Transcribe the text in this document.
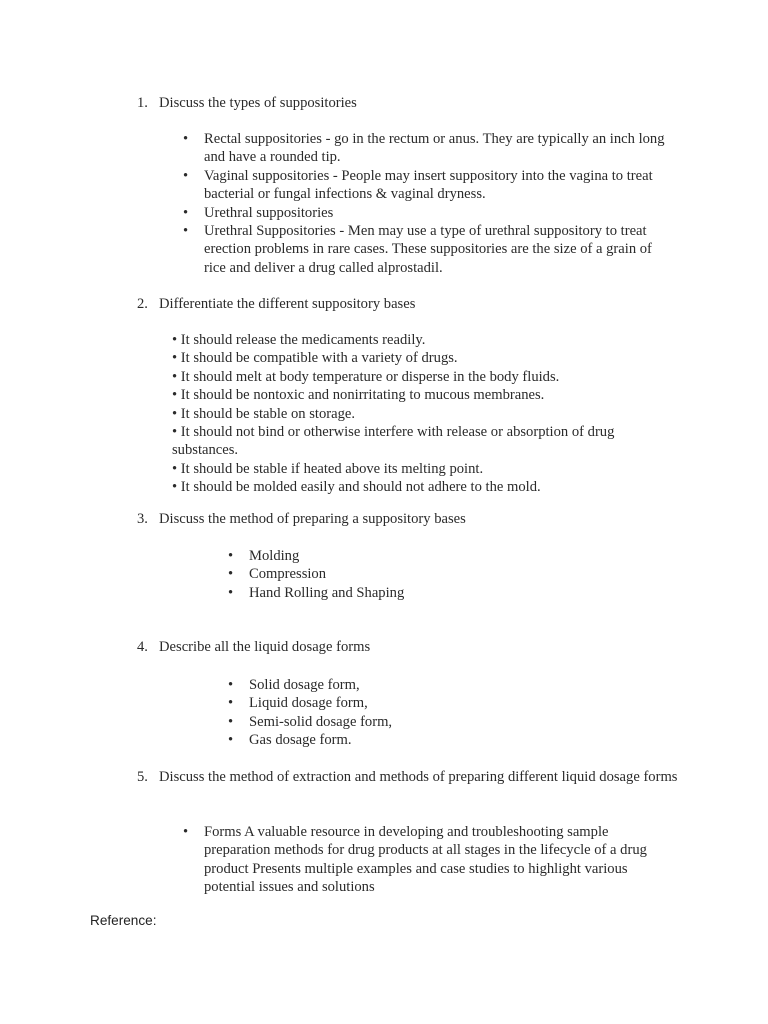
1. Discuss the types of suppositories
• Rectal suppositories - go in the rectum or anus. They are typically an inch long and have a rounded tip.
• Vaginal suppositories - People may insert suppository into the vagina to treat bacterial or fungal infections & vaginal dryness.
• Urethral suppositories
• Urethral Suppositories - Men may use a type of urethral suppository to treat erection problems in rare cases. These suppositories are the size of a grain of rice and deliver a drug called alprostadil.
2. Differentiate the different suppository bases
• It should release the medicaments readily.
• It should be compatible with a variety of drugs.
• It should melt at body temperature or disperse in the body fluids.
• It should be nontoxic and nonirritating to mucous membranes.
• It should be stable on storage.
• It should not bind or otherwise interfere with release or absorption of drug substances.
• It should be stable if heated above its melting point.
• It should be molded easily and should not adhere to the mold.
3. Discuss the method of preparing a suppository bases
• Molding
• Compression
• Hand Rolling and Shaping
4. Describe all the liquid dosage forms
• Solid dosage form,
• Liquid dosage form,
• Semi-solid dosage form,
• Gas dosage form.
5. Discuss the method of extraction and methods of preparing different liquid dosage forms
• Forms A valuable resource in developing and troubleshooting sample preparation methods for drug products at all stages in the lifecycle of a drug product Presents multiple examples and case studies to highlight various potential issues and solutions
Reference:
